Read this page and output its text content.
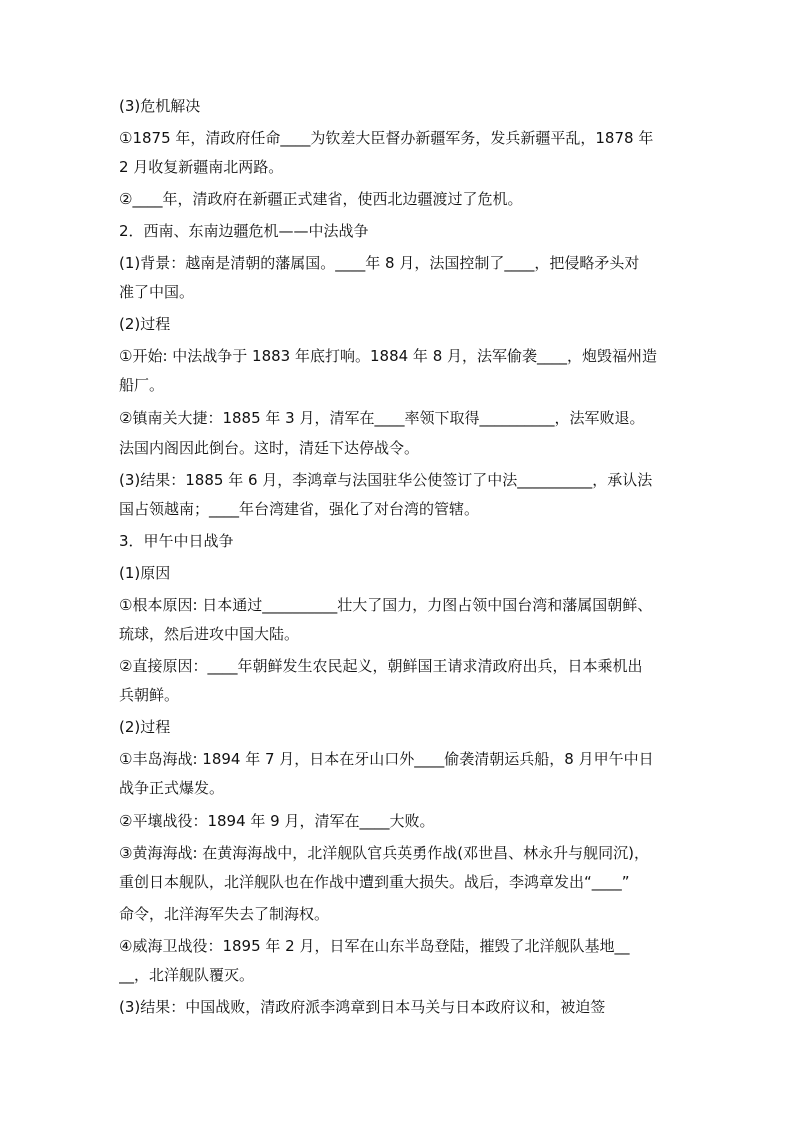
(3)危机解决
①1875 年，清政府任命____为钦差大臣督办新疆军务，发兵新疆平乱，1878 年
2 月收复新疆南北两路。
②____年，清政府在新疆正式建省，使西北边疆渡过了危机。
2．西南、东南边疆危机——中法战争
(1)背景：越南是清朝的藩属国。____年 8 月，法国控制了____，把侵略矛头对
准了中国。
(2)过程
①开始: 中法战争于 1883 年底打响。1884 年 8 月，法军偷袭____，炮毁福州造
船厂。
②镇南关大捷：1885 年 3 月，清军在____率领下取得__________，法军败退。
法国内阁因此倒台。这时，清廷下达停战令。
(3)结果：1885 年 6 月，李鸿章与法国驻华公使签订了中法__________，承认法
国占领越南；____年台湾建省，强化了对台湾的管辖。
3．甲午中日战争
(1)原因
①根本原因: 日本通过__________壮大了国力，力图占领中国台湾和藩属国朝鲜、
琉球，然后进攻中国大陆。
②直接原因：____年朝鲜发生农民起义，朝鲜国王请求清政府出兵，日本乘机出
兵朝鲜。
(2)过程
①丰岛海战: 1894 年 7 月，日本在牙山口外____偷袭清朝运兵船，8 月甲午中日
战争正式爆发。
②平壤战役：1894 年 9 月，清军在____大败。
③黄海海战: 在黄海海战中，北洋舰队官兵英勇作战(邓世昌、林永升与舰同沉)，
重创日本舰队，北洋舰队也在作战中遭到重大损失。战后，李鸿章发出“____”
命令，北洋海军失去了制海权。
④威海卫战役：1895 年 2 月，日军在山东半岛登陆，摧毁了北洋舰队基地__
__，北洋舰队覆灭。
(3)结果：中国战败，清政府派李鸿章到日本马关与日本政府议和，被迫签
